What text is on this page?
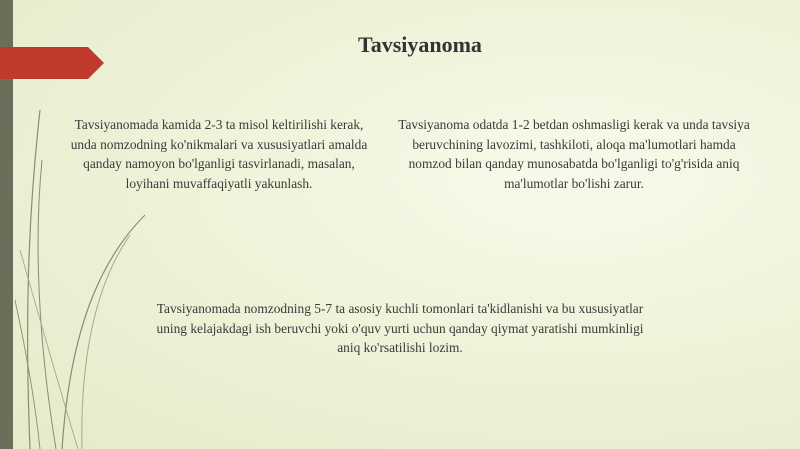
Tavsiyanoma

Tavsiyanomada kamida 2-3 ta misol keltirilishi kerak, unda nomzodning ko'nikmalari va xususiyatlari amalda qanday namoyon bo'lganligi tasvirlanadi, masalan, loyihani muvaffaqiyatli yakunlash.

Tavsiyanoma odatda 1-2 betdan oshmasligi kerak va unda tavsiya beruvchining lavozimi, tashkiloti, aloqa ma'lumotlari hamda nomzod bilan qanday munosabatda bo'lganligi to'g'risida aniq ma'lumotlar bo'lishi zarur.

Tavsiyanomada nomzodning 5-7 ta asosiy kuchli tomonlari ta'kidlanishi va bu xususiyatlar uning kelajakdagi ish beruvchi yoki o'quv yurti uchun qanday qiymat yaratishi mumkinligi aniq ko'rsatilishi lozim.
